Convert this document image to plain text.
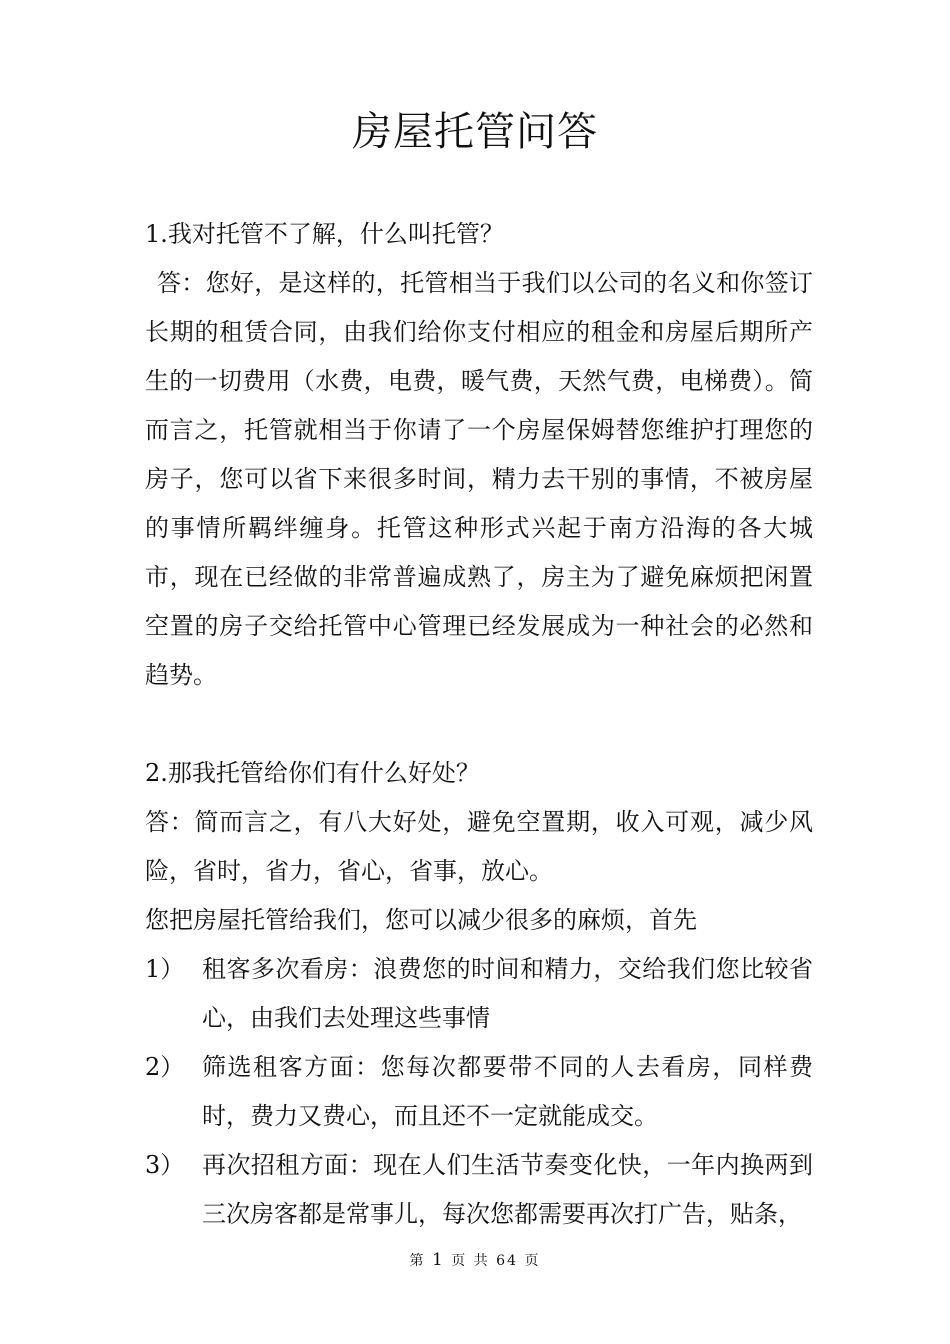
房屋托管问答

1.我对托管不了解，什么叫托管？

答：您好，是这样的，托管相当于我们以公司的名义和你签订长期的租赁合同，由我们给你支付相应的租金和房屋后期所产生的一切费用（水费，电费，暖气费，天然气费，电梯费）。简而言之，托管就相当于你请了一个房屋保姆替您维护打理您的房子，您可以省下来很多时间，精力去干别的事情，不被房屋的事情所羁绊缠身。托管这种形式兴起于南方沿海的各大城市，现在已经做的非常普遍成熟了，房主为了避免麻烦把闲置空置的房子交给托管中心管理已经发展成为一种社会的必然和趋势。

2.那我托管给你们有什么好处？

答：简而言之，有八大好处，避免空置期，收入可观，减少风险，省时，省力，省心，省事，放心。

您把房屋托管给我们，您可以减少很多的麻烦，首先

1） 租客多次看房：浪费您的时间和精力，交给我们您比较省心，由我们去处理这些事情
2） 筛选租客方面：您每次都要带不同的人去看房，同样费时，费力又费心，而且还不一定就能成交。
3） 再次招租方面：现在人们生活节奏变化快，一年内换两到三次房客都是常事儿，每次您都需要再次打广告，贴条，
第 1 页 共 64 页
